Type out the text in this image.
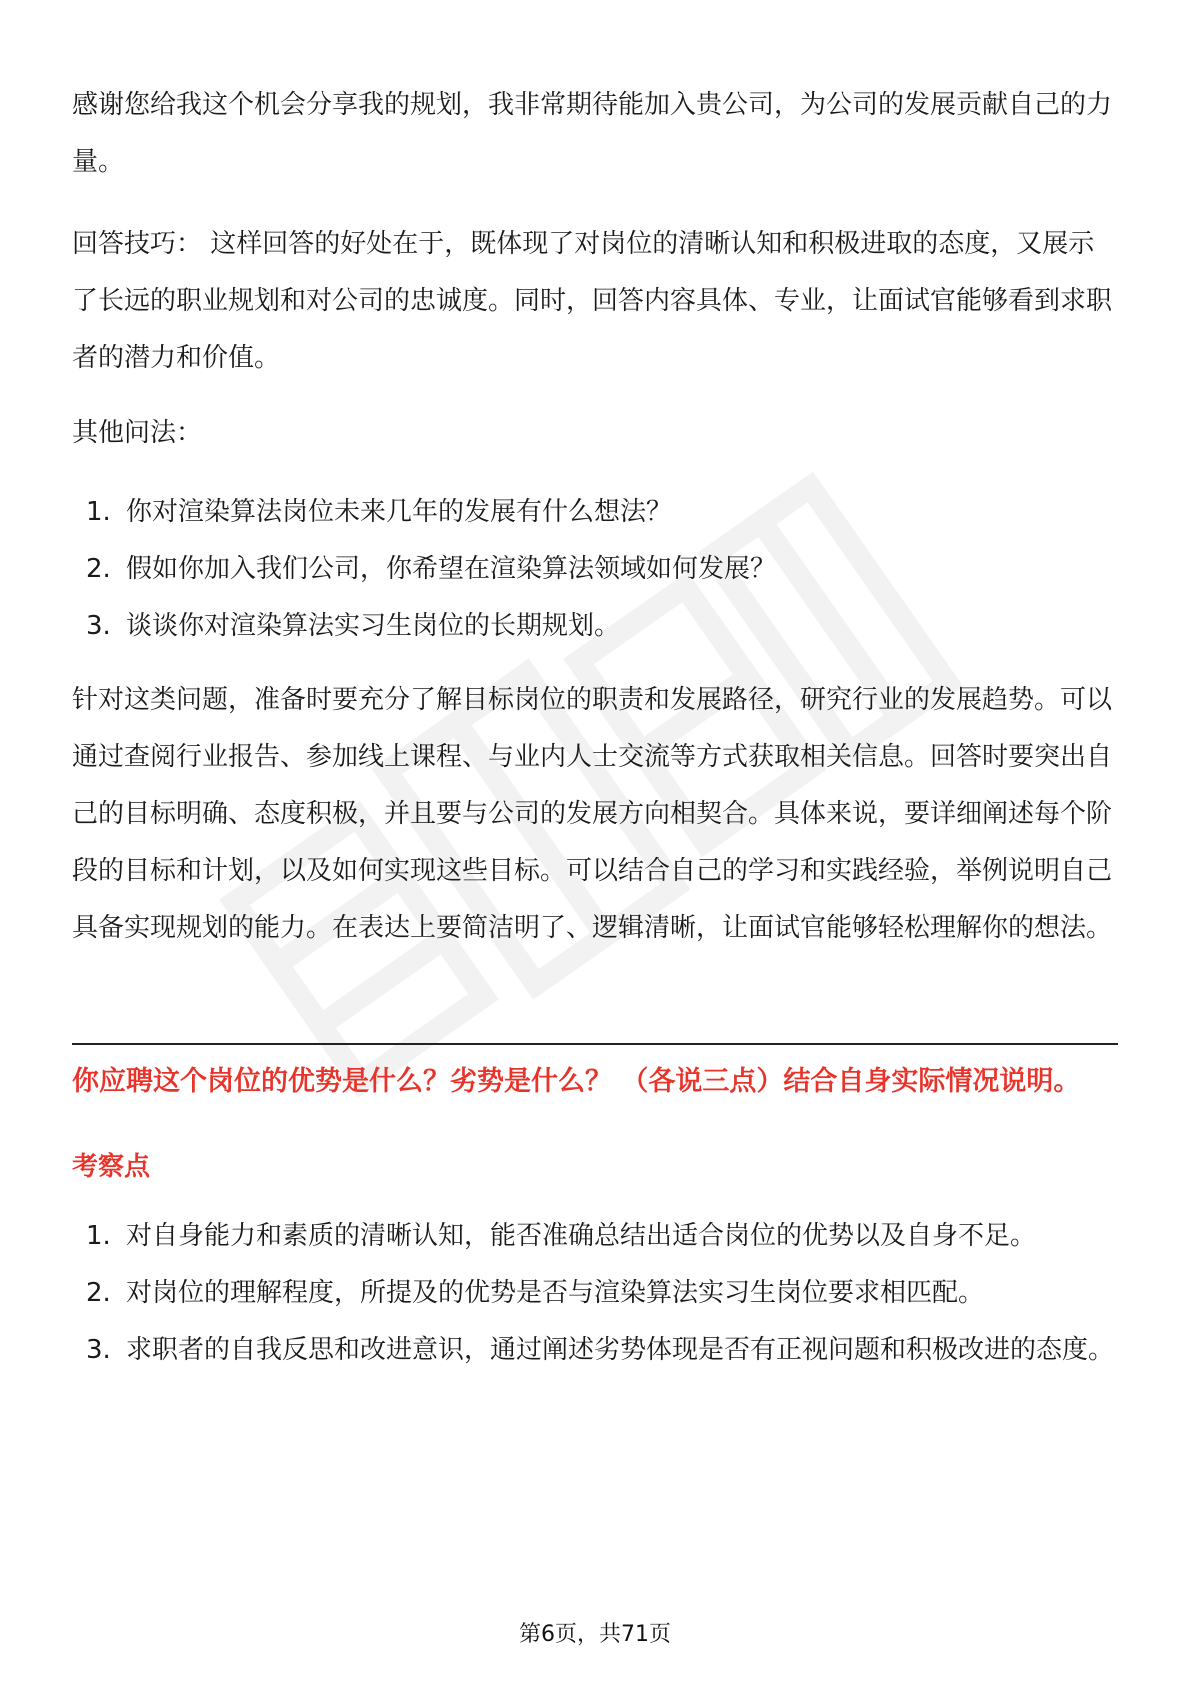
感谢您给我这个机会分享我的规划，我非常期待能加入贵公司，为公司的发展贡献自己的力量。

回答技巧： 这样回答的好处在于，既体现了对岗位的清晰认知和积极进取的态度，又展示了长远的职业规划和对公司的忠诚度。同时，回答内容具体、专业，让面试官能够看到求职者的潜力和价值。

其他问法：

1. 你对渲染算法岗位未来几年的发展有什么想法？
2. 假如你加入我们公司，你希望在渲染算法领域如何发展？
3. 谈谈你对渲染算法实习生岗位的长期规划。

针对这类问题，准备时要充分了解目标岗位的职责和发展路径，研究行业的发展趋势。可以通过查阅行业报告、参加线上课程、与业内人士交流等方式获取相关信息。回答时要突出自己的目标明确、态度积极，并且要与公司的发展方向相契合。具体来说，要详细阐述每个阶段的目标和计划，以及如何实现这些目标。可以结合自己的学习和实践经验，举例说明自己具备实现规划的能力。在表达上要简洁明了、逻辑清晰，让面试官能够轻松理解你的想法。

你应聘这个岗位的优势是什么？劣势是什么？ （各说三点）结合自身实际情况说明。

考察点
1. 对自身能力和素质的清晰认知，能否准确总结出适合岗位的优势以及自身不足。
2. 对岗位的理解程度，所提及的优势是否与渲染算法实习生岗位要求相匹配。
3. 求职者的自我反思和改进意识，通过阐述劣势体现是否有正视问题和积极改进的态度。
第6页，共71页
